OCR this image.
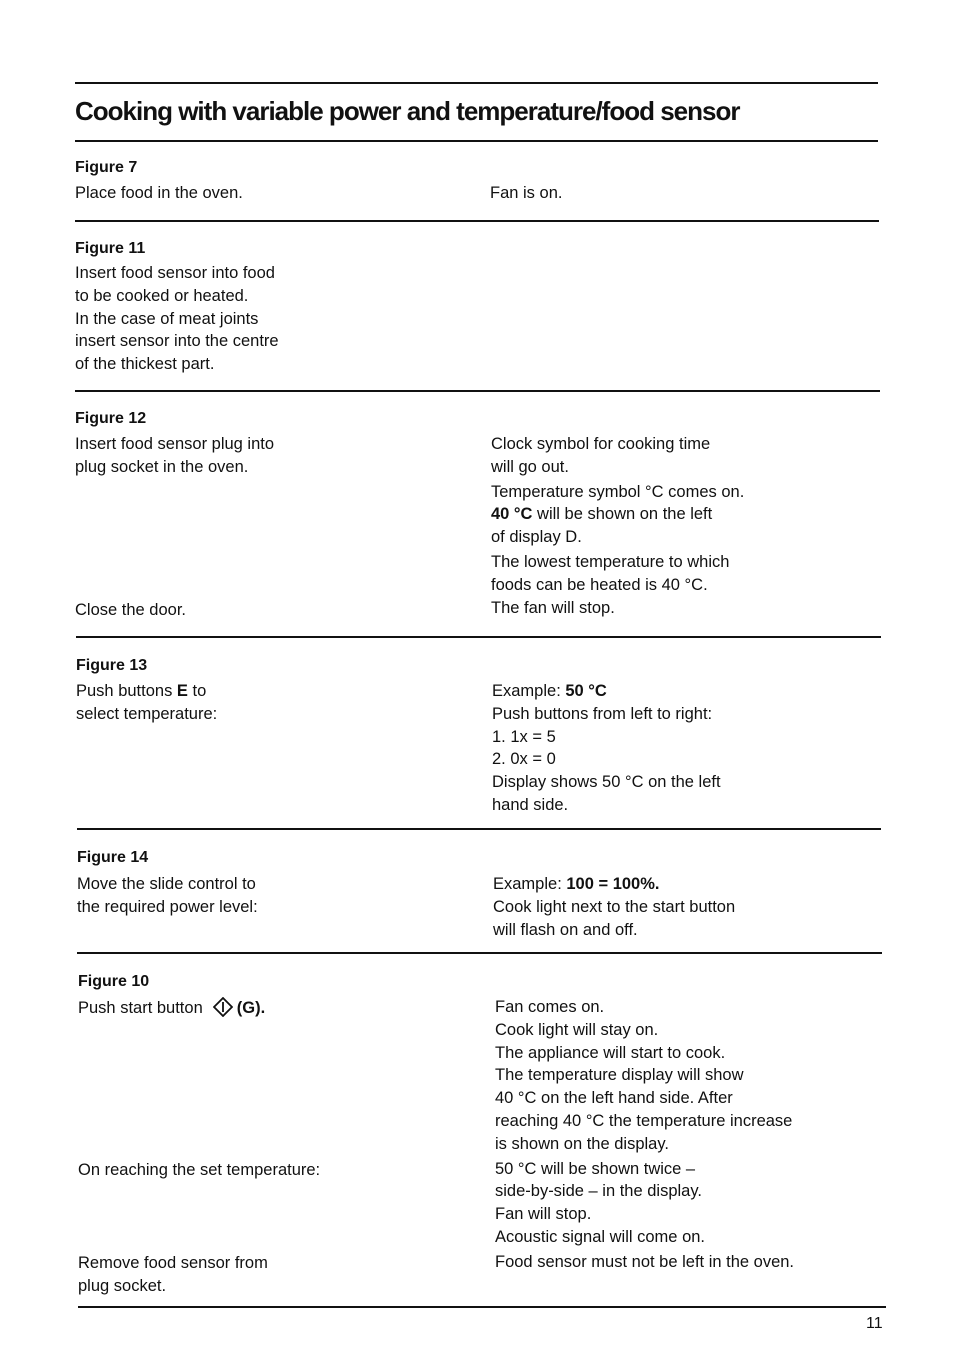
Cooking with variable power and temperature/food sensor
Figure 7
Place food in the oven.	Fan is on.
Figure 11
Insert food sensor into food
to be cooked or heated.
In the case of meat joints
insert sensor into the centre
of the thickest part.
Figure 12
Insert food sensor plug into
plug socket in the oven.
Close the door.
Clock symbol for cooking time
will go out.
Temperature symbol °C comes on.
40 °C will be shown on the left
of display D.
The lowest temperature to which
foods can be heated is 40 °C.
The fan will stop.
Figure 13
Push buttons E to
select temperature:
Example: 50 °C
Push buttons from left to right:
1. 1x = 5
2. 0x = 0
Display shows 50 °C on the left
hand side.
Figure 14
Move the slide control to
the required power level:
Example: 100 = 100%.
Cook light next to the start button
will flash on and off.
Figure 10
Push start button (G).
On reaching the set temperature:
Remove food sensor from
plug socket.
Fan comes on.
Cook light will stay on.
The appliance will start to cook.
The temperature display will show
40 °C on the left hand side. After
reaching 40 °C the temperature increase
is shown on the display.
50 °C will be shown twice –
side-by-side – in the display.
Fan will stop.
Acoustic signal will come on.
Food sensor must not be left in the oven.
11
